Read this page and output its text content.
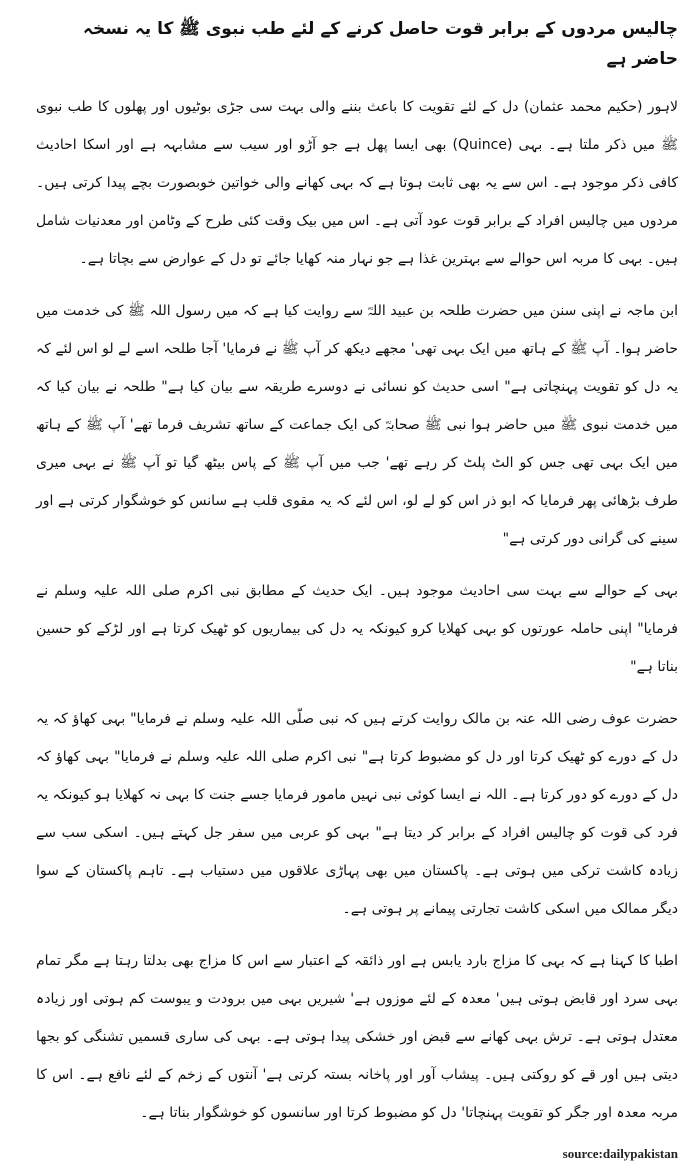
چالیس مردوں کے برابر قوت حاصل کرنے کے لئے طب نبوی ﷺ کا یہ نسخہ حاضر ہے

لاہور (حکیم محمد عثمان) دل کے لئے تقویت کا باعث بننے والی بہت سی جڑی بوٹیوں اور پھلوں کا طب نبوی ﷺ میں ذکر ملتا ہے۔ بہی (Quince) بھی ایسا پھل ہے جو آڑو اور سیب سے مشابہہ ہے اور اسکا احادیث کافی ذکر موجود ہے۔ اس سے یہ بھی ثابت ہوتا ہے کہ بہی کھانے والی خواتین خوبصورت بچے پیدا کرتی ہیں۔ مردوں میں چالیس افراد کے برابر قوت عود آتی ہے۔ اس میں بیک وقت کئی طرح کے وٹامن اور معدنیات شامل ہیں۔ بہی کا مربہ اس حوالے سے بہترین غذا ہے جو نہار منہ کھایا جائے تو دل کے عوارض سے بچاتا ہے۔

ابن ماجہ نے اپنی سنن میں حضرت طلحہ بن عبید اللہؓ سے روایت کیا ہے کہ میں رسول اللہ ﷺ کی خدمت میں حاضر ہوا۔ آپ ﷺ کے ہاتھ میں ایک بہی تھی' مجھے دیکھ کر آپ ﷺ نے فرمایا' آجا طلحہ اسے لے لو اس لئے کہ یہ دل کو تقویت پہنچاتی ہے" اسی حدیث کو نسائی نے دوسرے طریقہ سے بیان کیا ہے" طلحہ نے بیان کیا کہ میں خدمت نبوی ﷺ میں حاضر ہوا نبی ﷺ صحابہؓ کی ایک جماعت کے ساتھ تشریف فرما تھے' آپ ﷺ کے ہاتھ میں ایک بہی تھی جس کو الٹ پلٹ کر رہے تھے' جب میں آپ ﷺ کے پاس بیٹھ گیا تو آپ ﷺ نے بہی میری طرف بڑھائی پھر فرمایا کہ ابو ذر اس کو لے لو، اس لئے کہ یہ مقوی قلب ہے سانس کو خوشگوار کرتی ہے اور سینے کی گرانی دور کرتی ہے"

بہی کے حوالے سے بہت سی احادیث موجود ہیں۔ ایک حدیث کے مطابق نبی اکرم صلی اللہ علیہ وسلم نے فرمایا" اپنی حاملہ عورتوں کو بہی کھلایا کرو کیونکہ یہ دل کی بیماریوں کو ٹھیک کرتا ہے اور لڑکے کو حسین بناتا ہے"

حضرت عوف رضی اللہ عنہ بن مالک روایت کرتے ہیں کہ نبی صلّی اللہ علیہ وسلم نے فرمایا" بہی کھاؤ کہ یہ دل کے دورے کو ٹھیک کرتا اور دل کو مضبوط کرتا ہے" نبی اکرم صلی اللہ علیہ وسلم نے فرمایا" بہی کھاؤ کہ دل کے دورے کو دور کرتا ہے۔ اللہ نے ایسا کوئی نبی نہیں مامور فرمایا جسے جنت کا بہی نہ کھلایا ہو کیونکہ یہ فرد کی قوت کو چالیس افراد کے برابر کر دیتا ہے" بہی کو عربی میں سفر جل کہتے ہیں۔ اسکی سب سے زیادہ کاشت ترکی میں ہوتی ہے۔ پاکستان میں بھی پہاڑی علاقوں میں دستیاب ہے۔ تاہم پاکستان کے سوا دیگر ممالک میں اسکی کاشت تجارتی پیمانے پر ہوتی ہے۔

اطبا کا کہنا ہے کہ بہی کا مزاج بارد یابس ہے اور ذائقہ کے اعتبار سے اس کا مزاج بھی بدلتا رہتا ہے مگر تمام بہی سرد اور قابض ہوتی ہیں' معدہ کے لئے موزوں ہے' شیریں بہی میں برودت و یبوست کم ہوتی اور زیادہ معتدل ہوتی ہے۔ ترش بہی کھانے سے قبض اور خشکی پیدا ہوتی ہے۔ بہی کی ساری قسمیں تشنگی کو بجھا دیتی ہیں اور قے کو روکتی ہیں۔ پیشاب آور اور پاخانہ بستہ کرتی ہے' آنتوں کے زخم کے لئے نافع ہے۔ اس کا مربہ معدہ اور جگر کو تقویت پہنچاتا' دل کو مضبوط کرتا اور سانسوں کو خوشگوار بناتا ہے۔

source:dailypakistan
